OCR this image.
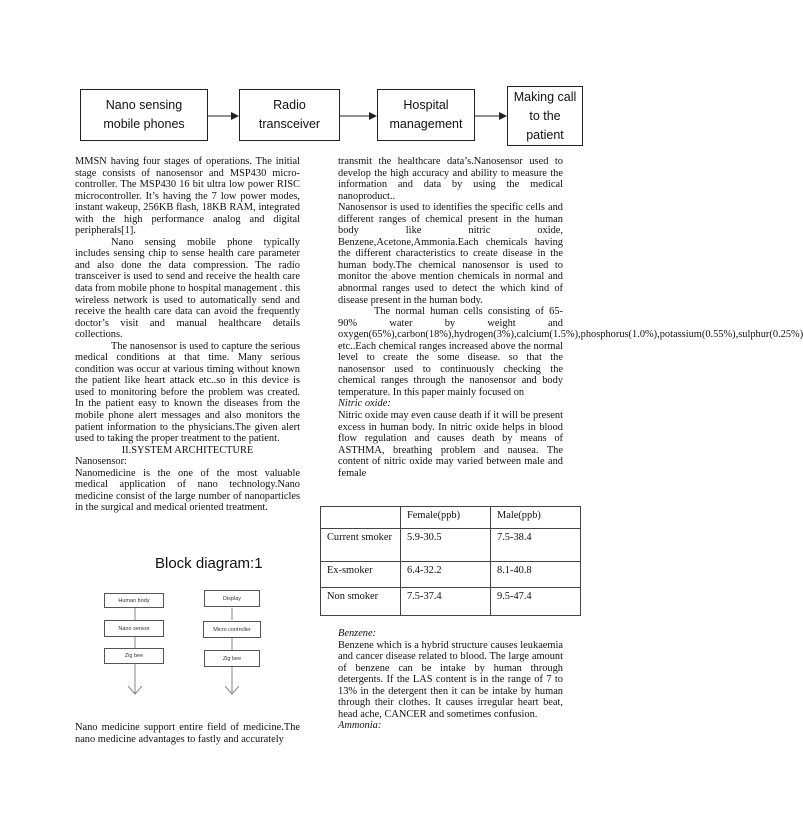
Nano sensing
mobile phones
Radio
transceiver
Hospital
management
Making call
to the
patient

MMSN having four stages of operations. The initial stage consists of nanosensor and MSP430 micro-controller. The MSP430 16 bit ultra low power RISC microcontroller. It’s having the 7 low power modes, instant wakeup, 256KB flash, 18KB RAM, integrated with the high performance analog and digital peripherals[1].

Nano sensing mobile phone typically includes sensing chip to sense health care parameter and also done the data compression. The radio transceiver is used to send and receive the health care data from mobile phone to hospital management . this wireless network is used to automatically send and receive the health care data can avoid the frequently doctor’s visit and manual healthcare details collections.

The nanosensor is used to capture the serious medical conditions at that time. Many serious condition was occur at various timing without known the patient like heart attack etc..so in this device is used to monitoring before the problem was created. In the patient easy to known the diseases from the mobile phone alert messages and also monitors the patient information to the physicians.The given alert used to taking the proper treatment to the patient.

II.SYSTEM ARCHITECTURE

Nanosensor:

Nanomedicine is the one of the most valuable medical application of nano technology.Nano medicine consist of the large number of nanoparticles in the surgical and medical oriented treatment.

Block diagram:1
Human body	Display
Nano sensor	Micro controller
Zig bee	Zig bee

Nano medicine support entire field of medicine.The nano medicine advantages to fastly and accurately

transmit the healthcare data’s.Nanosensor used to develop the high accuracy and ability to measure the information and data by using the medical nanoproduct..

Nanosensor is used to identifies the specific cells and different ranges of chemical present in the human body like nitric oxide, Benzene,Acetone,Ammonia.Each chemicals having the different characteristics to create disease in the human body.The chemical nanosensor is used to monitor the above mention chemicals in normal and abnormal ranges used to detect the which kind of disease present in the human body.

The normal human cells consisting of 65-90% water by weight and oxygen(65%),carbon(18%),hydrogen(3%),calcium(1.5%),phosphorus(1.0%),potassium(0.55%),sulphur(0.25%) etc..Each chemical ranges increased above the normal level to create the some disease. so that the nanosensor used to continuously checking the chemical ranges through the nanosensor and body temperature. In this paper mainly focused on

Nitric oxide:

Nitric oxide may even cause death if it will be present excess in human body. In nitric oxide helps in blood flow regulation and causes death by means of ASTHMA, breathing problem and nausea. The content of nitric oxide may varied between male and female

	Female(ppb)	Male(ppb)
Current smoker	5.9-30.5	7.5-38.4
Ex-smoker	6.4-32.2	8.1-40.8
Non smoker	7.5-37.4	9.5-47.4

Benzene:

Benzene which is a hybrid structure causes leukaemia and cancer disease related to blood. The large amount of benzene can be intake by human through detergents. If the LAS content is in the range of 7 to 13% in the detergent then it can be intake by human through their clothes. It causes irregular heart beat, head ache, CANCER and sometimes confusion.

Ammonia:
